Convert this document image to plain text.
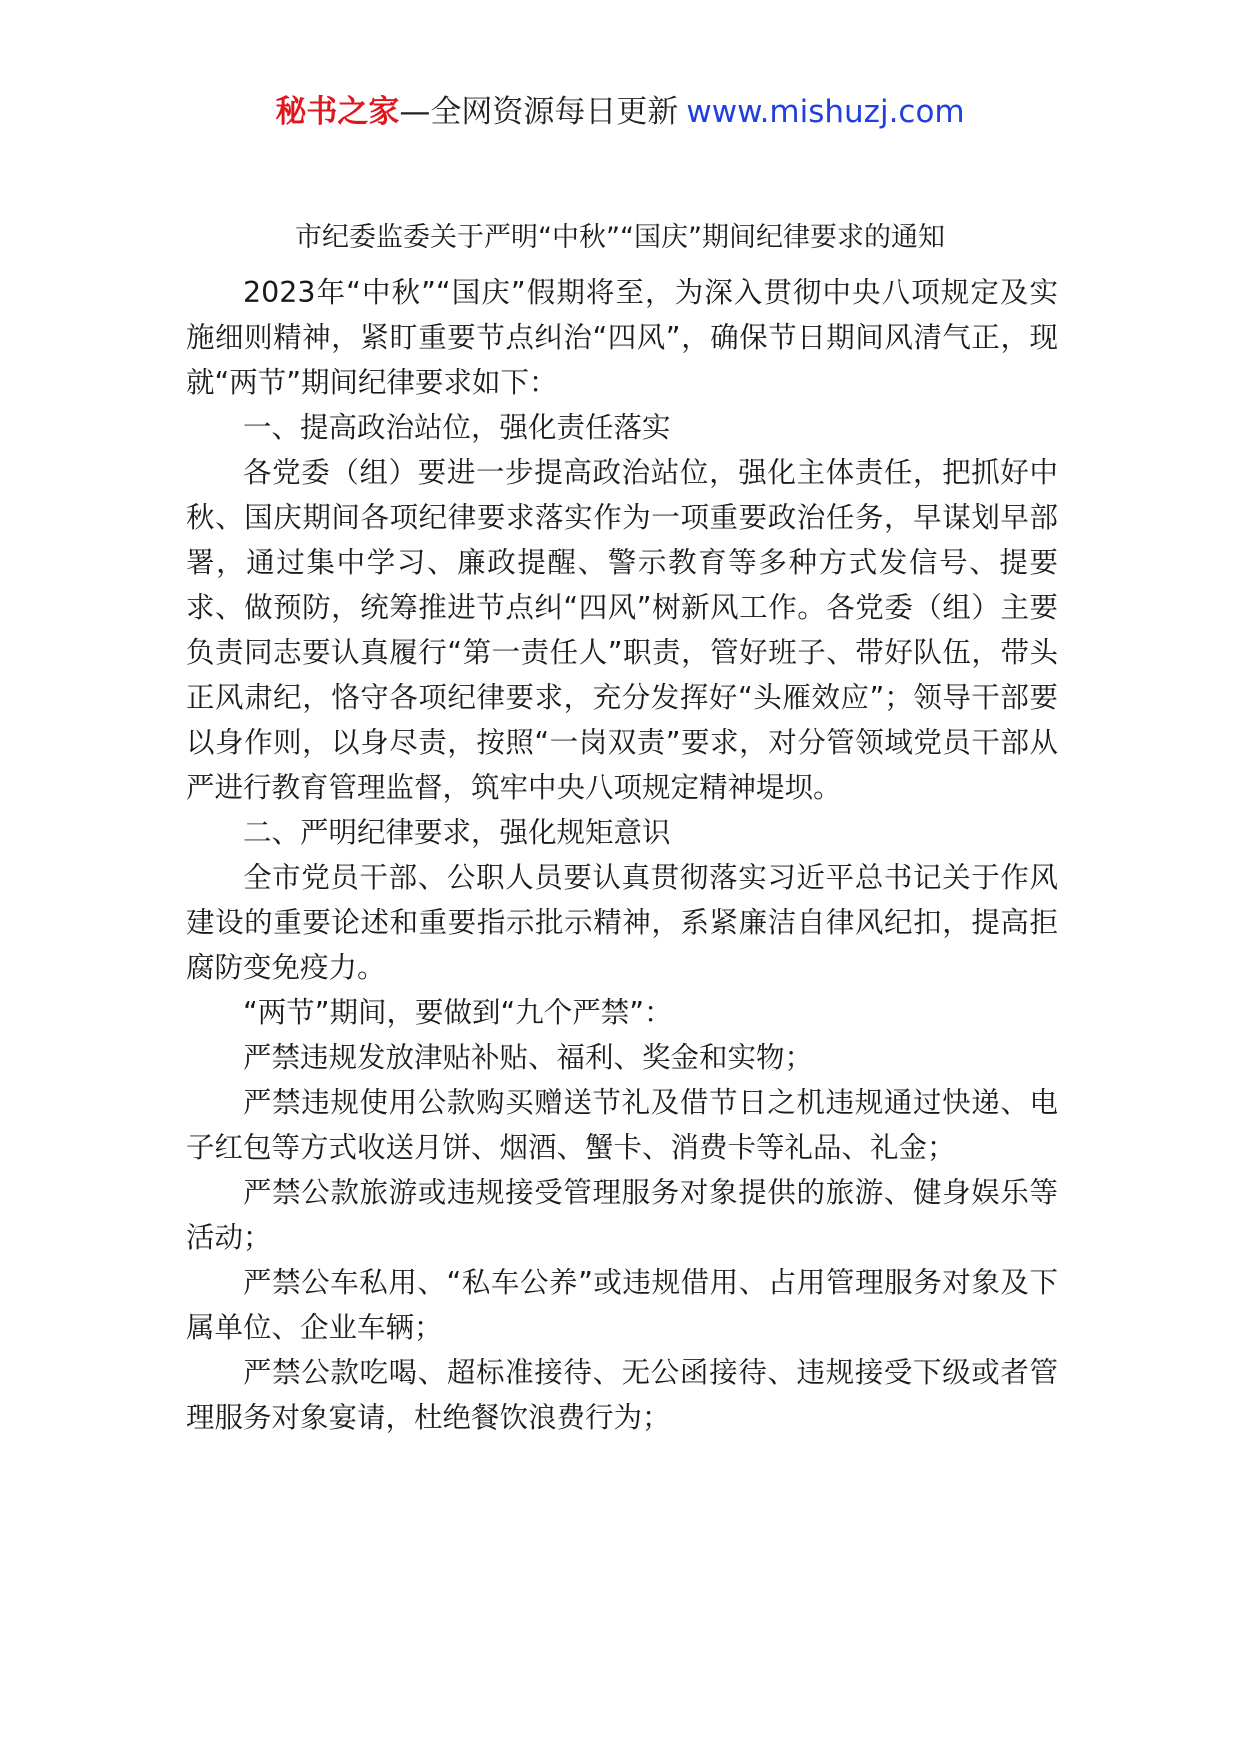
秘书之家—全网资源每日更新 www.mishuzj.com
市纪委监委关于严明“中秋”“国庆”期间纪律要求的通知

2023年“中秋”“国庆”假期将至，为深入贯彻中央八项规定及实施细则精神，紧盯重要节点纠治“四风”，确保节日期间风清气正，现就“两节”期间纪律要求如下：

一、提高政治站位，强化责任落实

各党委（组）要进一步提高政治站位，强化主体责任，把抓好中秋、国庆期间各项纪律要求落实作为一项重要政治任务，早谋划早部署，通过集中学习、廉政提醒、警示教育等多种方式发信号、提要求、做预防，统筹推进节点纠“四风”树新风工作。各党委（组）主要负责同志要认真履行“第一责任人”职责，管好班子、带好队伍，带头正风肃纪，恪守各项纪律要求，充分发挥好“头雁效应”；领导干部要以身作则，以身尽责，按照“一岗双责”要求，对分管领域党员干部从严进行教育管理监督，筑牢中央八项规定精神堤坝。

二、严明纪律要求，强化规矩意识

全市党员干部、公职人员要认真贯彻落实习近平总书记关于作风建设的重要论述和重要指示批示精神，系紧廉洁自律风纪扣，提高拒腐防变免疫力。

“两节”期间，要做到“九个严禁”：

严禁违规发放津贴补贴、福利、奖金和实物；

严禁违规使用公款购买赠送节礼及借节日之机违规通过快递、电子红包等方式收送月饼、烟酒、蟹卡、消费卡等礼品、礼金；

严禁公款旅游或违规接受管理服务对象提供的旅游、健身娱乐等活动；

严禁公车私用、“私车公养”或违规借用、占用管理服务对象及下属单位、企业车辆；

严禁公款吃喝、超标准接待、无公函接待、违规接受下级或者管理服务对象宴请，杜绝餐饮浪费行为；
